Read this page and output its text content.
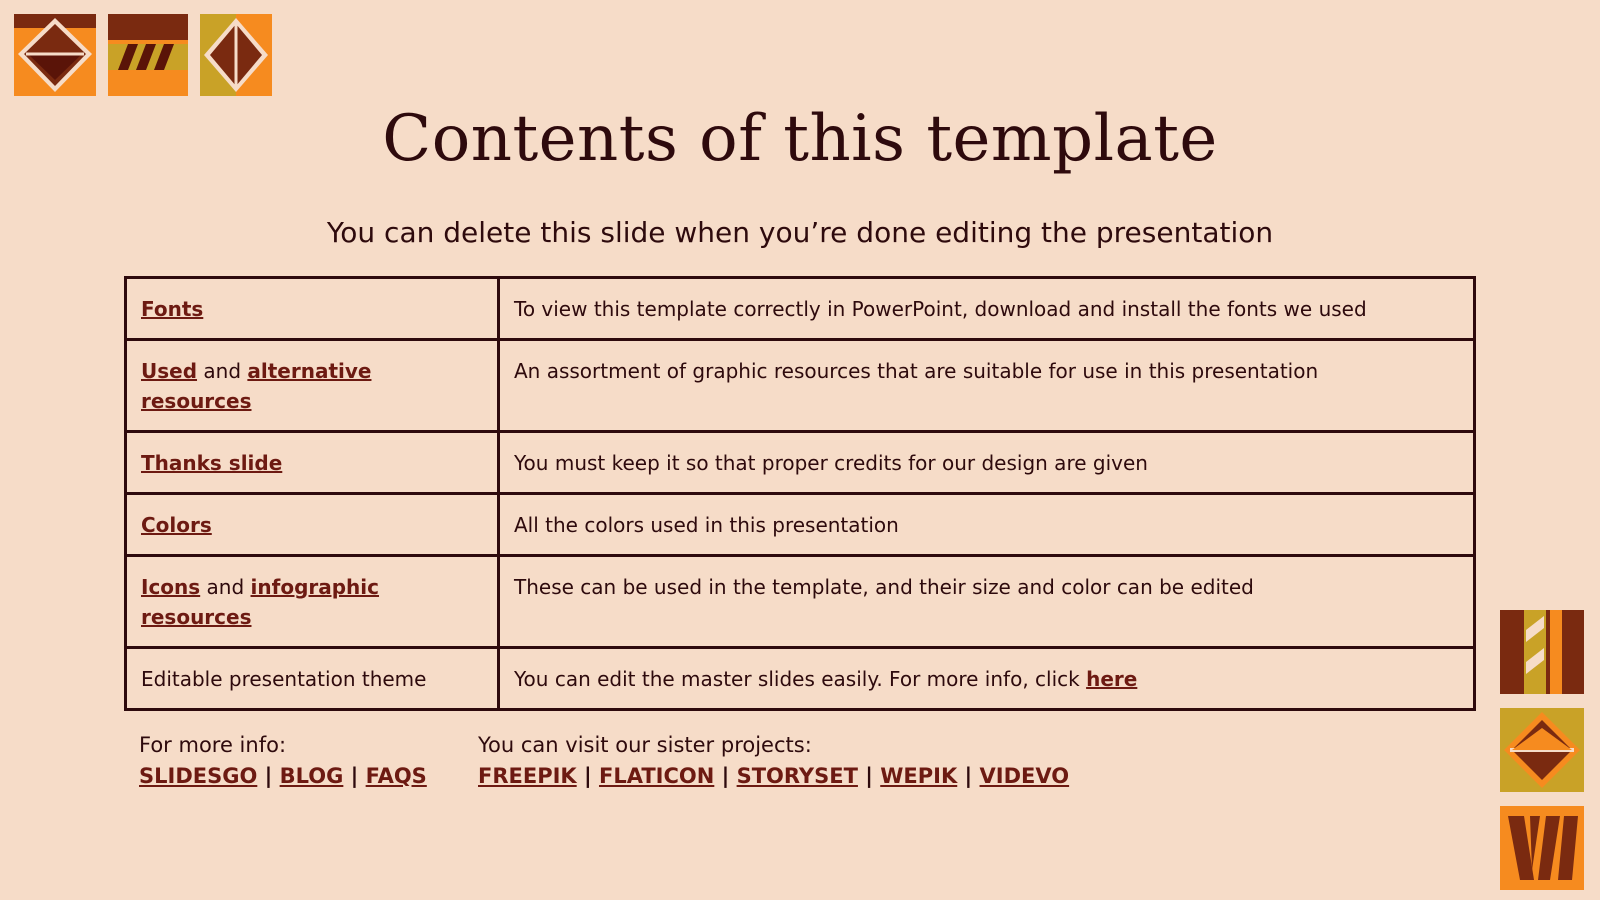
Contents of this template

You can delete this slide when you’re done editing the presentation

Fonts	To view this template correctly in PowerPoint, download and install the fonts we used
Used and alternative resources	An assortment of graphic resources that are suitable for use in this presentation
Thanks slide	You must keep it so that proper credits for our design are given
Colors	All the colors used in this presentation
Icons and infographic resources	These can be used in the template, and their size and color can be edited
Editable presentation theme	You can edit the master slides easily. For more info, click here
For more info:
SLIDESGO | BLOG | FAQS
You can visit our sister projects:
FREEPIK | FLATICON | STORYSET | WEPIK | VIDEVO
